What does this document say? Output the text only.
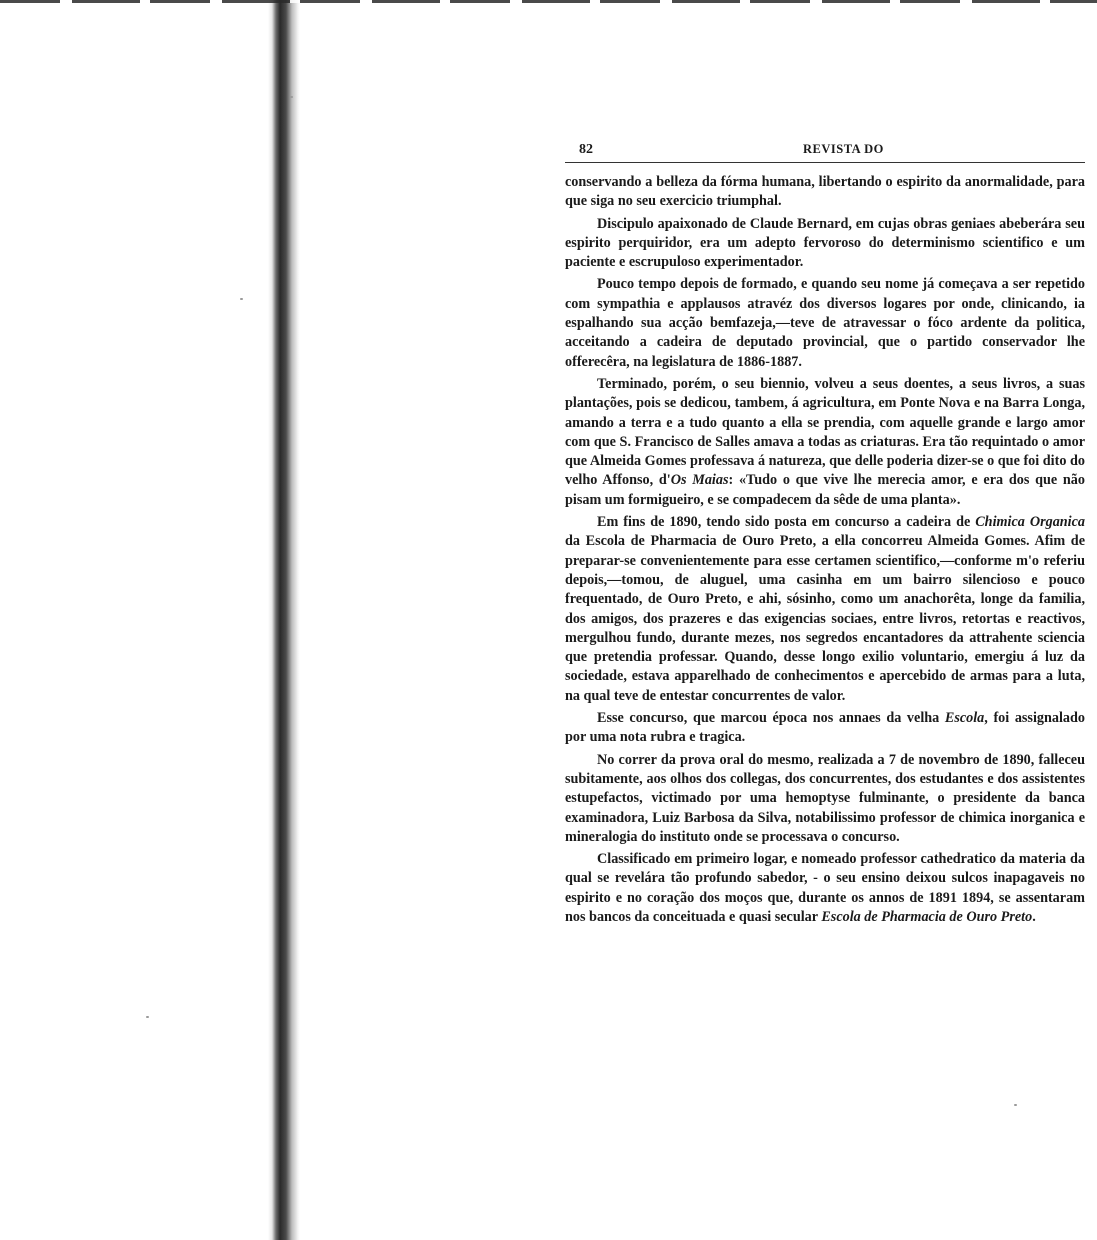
82	REVISTA DO

conservando a belleza da fórma humana, libertando o espirito da anormalidade, para que siga no seu exercicio triumphal.

Discipulo apaixonado de Claude Bernard, em cujas obras geniaes abeberára seu espirito perquiridor, era um adepto fervoroso do determinismo scientifico e um paciente e escrupuloso experimentador.

Pouco tempo depois de formado, e quando seu nome já começava a ser repetido com sympathia e applausos atravéz dos diversos logares por onde, clinicando, ia espalhando sua acção bemfazeja,—teve de atravessar o fóco ardente da politica, acceitando a cadeira de deputado provincial, que o partido conservador lhe offerecêra, na legislatura de 1886-1887.

Terminado, porém, o seu biennio, volveu a seus doentes, a seus livros, a suas plantações, pois se dedicou, tambem, á agricultura, em Ponte Nova e na Barra Longa, amando a terra e a tudo quanto a ella se prendia, com aquelle grande e largo amor com que S. Francisco de Salles amava a todas as criaturas. Era tão requintado o amor que Almeida Gomes professava á natureza, que delle poderia dizer-se o que foi dito do velho Affonso, d'Os Maias: «Tudo o que vive lhe merecia amor, e era dos que não pisam um formigueiro, e se compadecem da sêde de uma planta».

Em fins de 1890, tendo sido posta em concurso a cadeira de Chimica Organica da Escola de Pharmacia de Ouro Preto, a ella concorreu Almeida Gomes. Afim de preparar-se convenientemente para esse certamen scientifico,—conforme m'o referiu depois,—tomou, de aluguel, uma casinha em um bairro silencioso e pouco frequentado, de Ouro Preto, e ahi, sósinho, como um anachorêta, longe da familia, dos amigos, dos prazeres e das exigencias sociaes, entre livros, retortas e reactivos, mergulhou fundo, durante mezes, nos segredos encantadores da attrahente sciencia que pretendia professar. Quando, desse longo exilio voluntario, emergiu á luz da sociedade, estava apparelhado de conhecimentos e apercebido de armas para a luta, na qual teve de entestar concurrentes de valor.

Esse concurso, que marcou época nos annaes da velha Escola, foi assignalado por uma nota rubra e tragica.

No correr da prova oral do mesmo, realizada a 7 de novembro de 1890, falleceu subitamente, aos olhos dos collegas, dos concurrentes, dos estudantes e dos assistentes estupefactos, victimado por uma hemoptyse fulminante, o presidente da banca examinadora, Luiz Barbosa da Silva, notabilissimo professor de chimica inorganica e mineralogia do instituto onde se processava o concurso.

Classificado em primeiro logar, e nomeado professor cathedratico da materia da qual se revelára tão profundo sabedor, - o seu ensino deixou sulcos inapagaveis no espirito e no coração dos moços que, durante os annos de 1891 1894, se assentaram nos bancos da conceituada e quasi secular Escola de Pharmacia de Ouro Preto.
